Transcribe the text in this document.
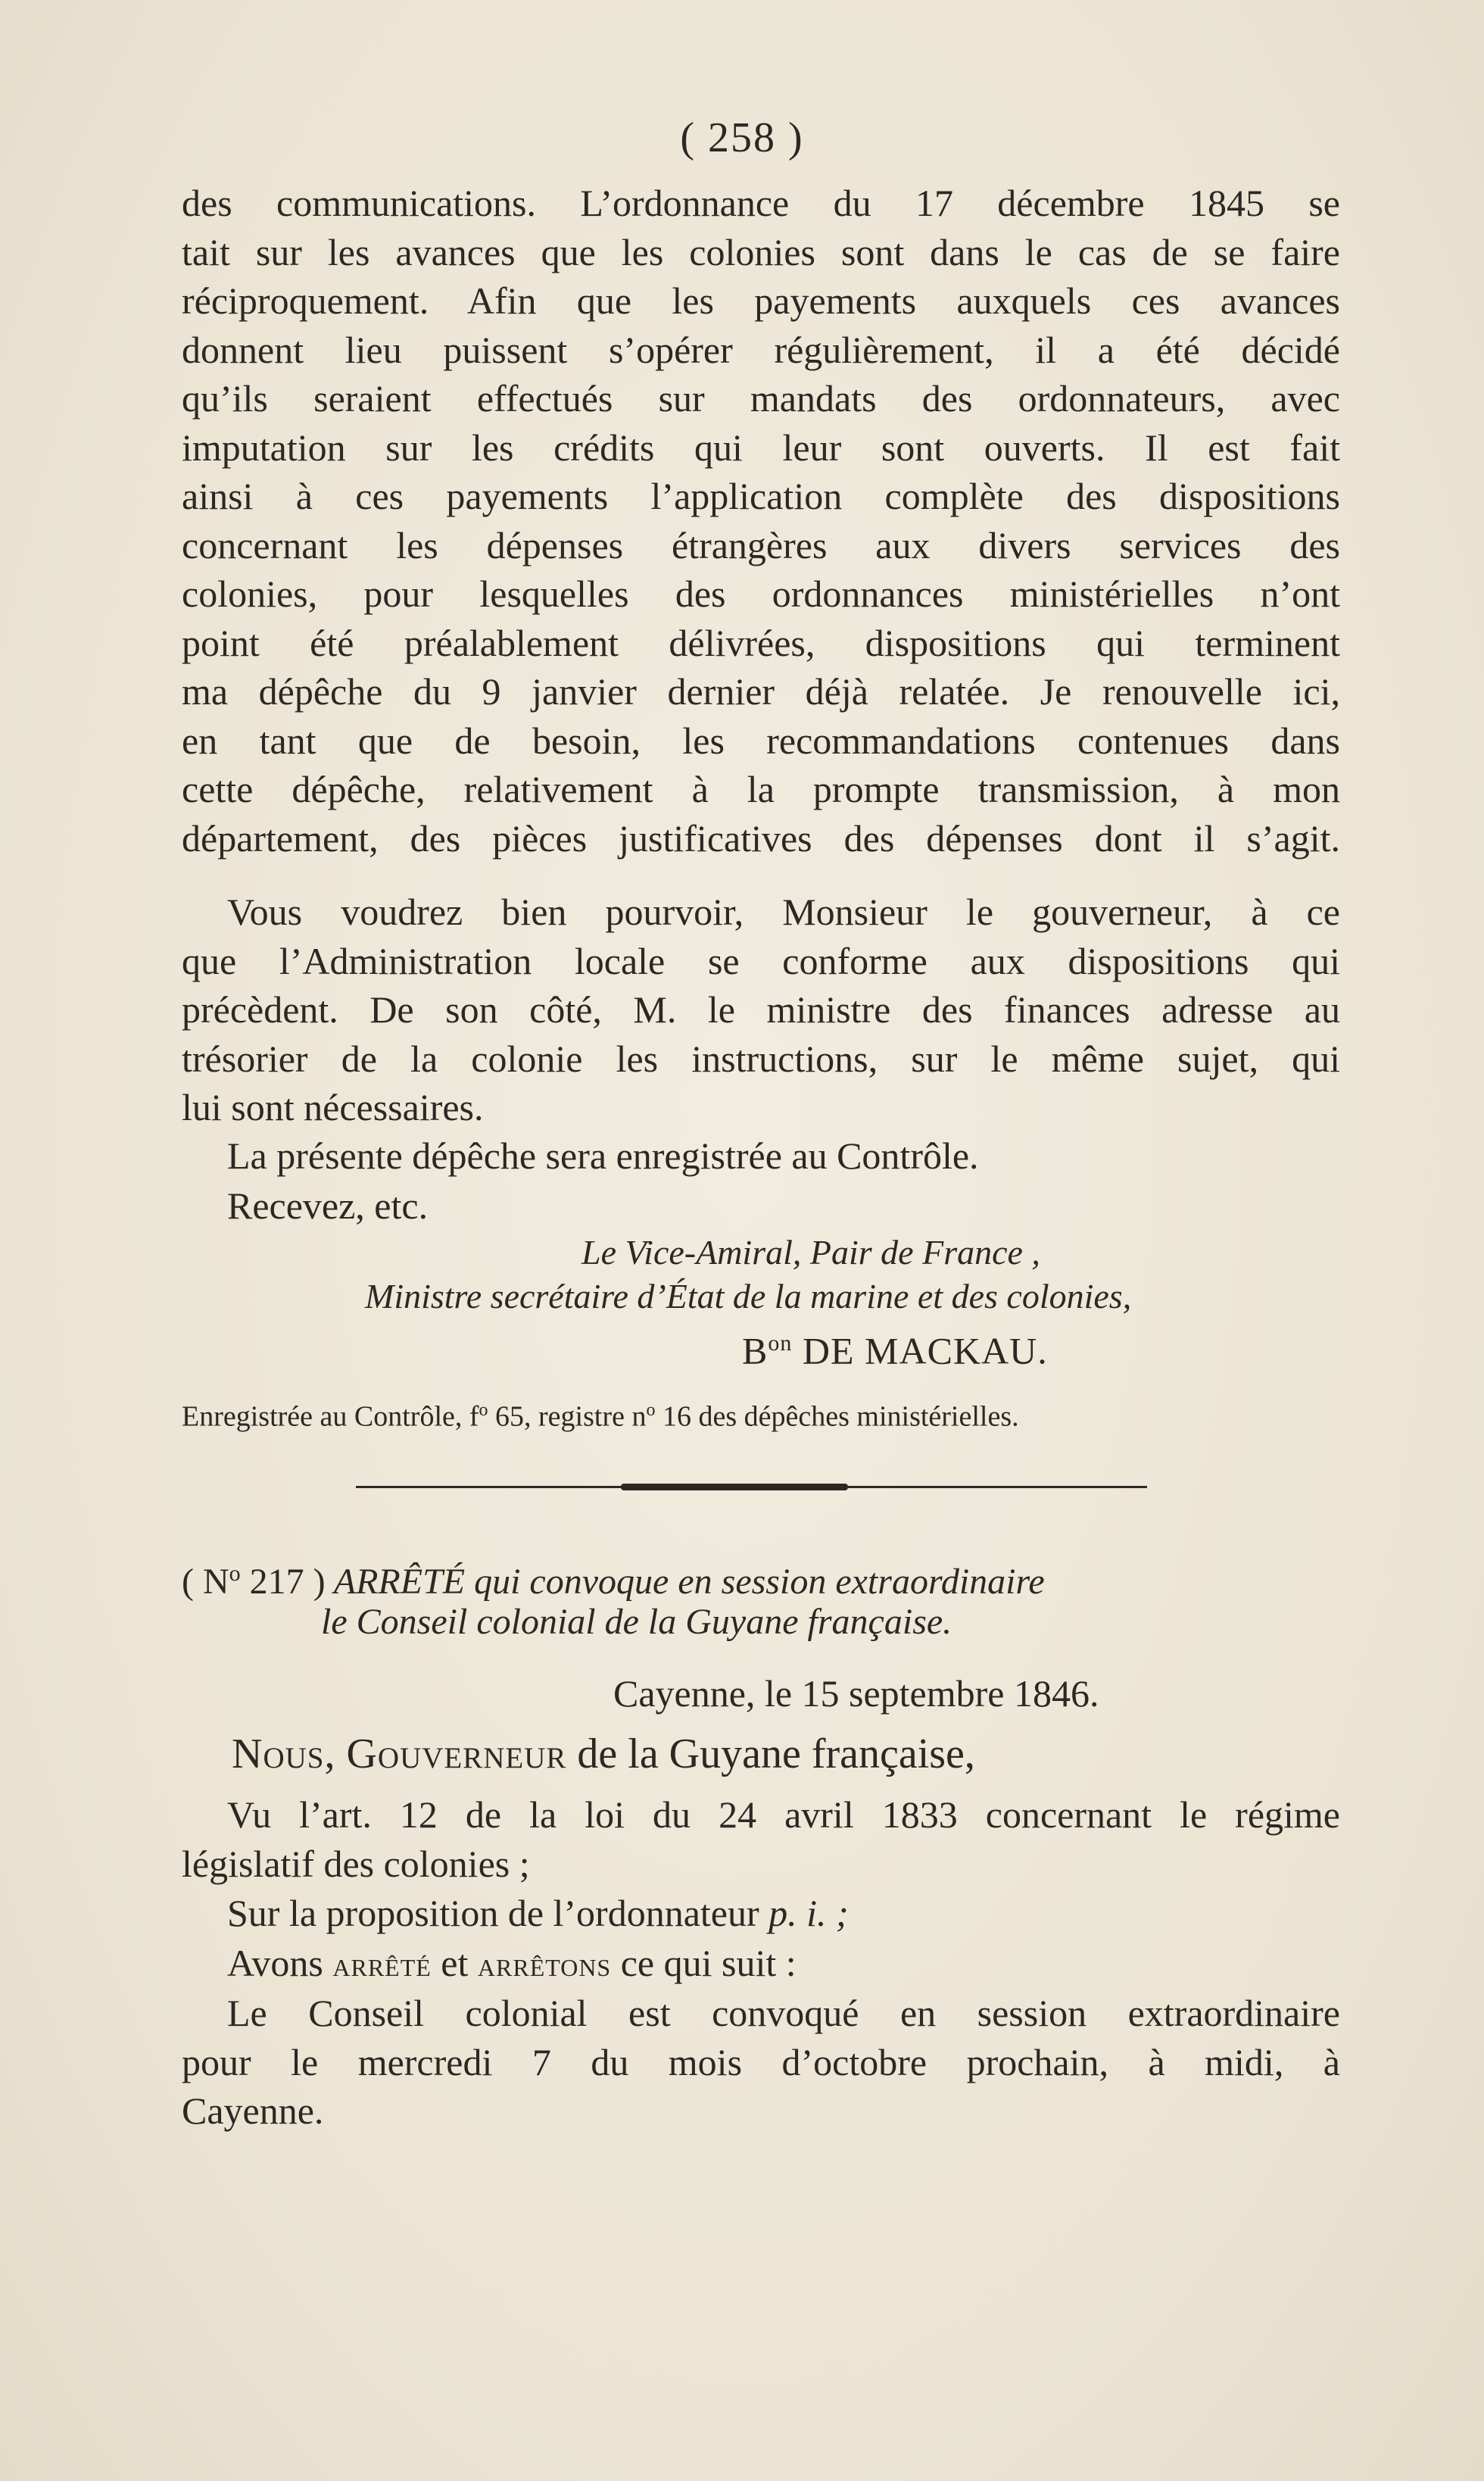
( 258 )

des communications. L’ordonnance du 17 décembre 1845 se
tait sur les avances que les colonies sont dans le cas de se faire
réciproquement. Afin que les payements auxquels ces avances
donnent lieu puissent s’opérer régulièrement, il a été décidé
qu’ils seraient effectués sur mandats des ordonnateurs, avec
imputation sur les crédits qui leur sont ouverts. Il est fait
ainsi à ces payements l’application complète des dispositions
concernant les dépenses étrangères aux divers services des
colonies, pour lesquelles des ordonnances ministérielles n’ont
point été préalablement délivrées, dispositions qui terminent
ma dépêche du 9 janvier dernier déjà relatée. Je renouvelle ici,
en tant que de besoin, les recommandations contenues dans
cette dépêche, relativement à la prompte transmission, à mon
département, des pièces justificatives des dépenses dont il s’agit.

Vous voudrez bien pourvoir, Monsieur le gouverneur, à ce
que l’Administration locale se conforme aux dispositions qui
précèdent. De son côté, M. le ministre des finances adresse au
trésorier de la colonie les instructions, sur le même sujet, qui
lui sont nécessaires.

La présente dépêche sera enregistrée au Contrôle.
Recevez, etc.
Le Vice-Amiral, Pair de France ,
Ministre secrétaire d’État de la marine et des colonies,
$B^{on}$ DE MACKAU.
Enregistrée au Contrôle, $f^o$ 65, registre $n^o$ 16 des dépêches ministérielles.
( $N^o$ 217 ) ARRÊTÉ qui convoque en session extraordinaire
le Conseil colonial de la Guyane française.
Cayenne, le 15 septembre 1846.
Nous, Gouverneur de la Guyane française,

Vu l’art. 12 de la loi du 24 avril 1833 concernant le régime
législatif des colonies ;

Sur la proposition de l’ordonnateur p. i. ;
Avons arrêté et arrêtons ce qui suit :

Le Conseil colonial est convoqué en session extraordinaire
pour le mercredi 7 du mois d’octobre prochain, à midi, à
Cayenne.
